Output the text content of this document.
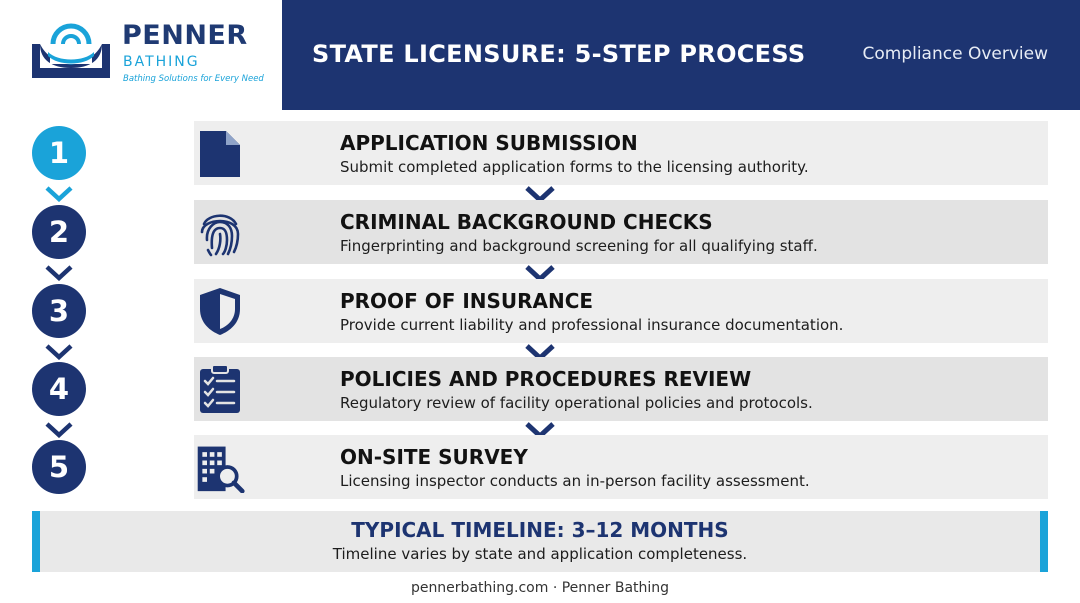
PENNER
BATHING
Bathing Solutions for Every Need
STATE LICENSURE: 5-STEP PROCESS	Compliance Overview
1	APPLICATION SUBMISSION
Submit completed application forms to the licensing authority.
2	CRIMINAL BACKGROUND CHECKS
Fingerprinting and background screening for all qualifying staff.
3	PROOF OF INSURANCE
Provide current liability and professional insurance documentation.
4	POLICIES AND PROCEDURES REVIEW
Regulatory review of facility operational policies and protocols.
5	ON-SITE SURVEY
Licensing inspector conducts an in-person facility assessment.
TYPICAL TIMELINE: 3–12 MONTHS
Timeline varies by state and application completeness.
pennerbathing.com · Penner Bathing
